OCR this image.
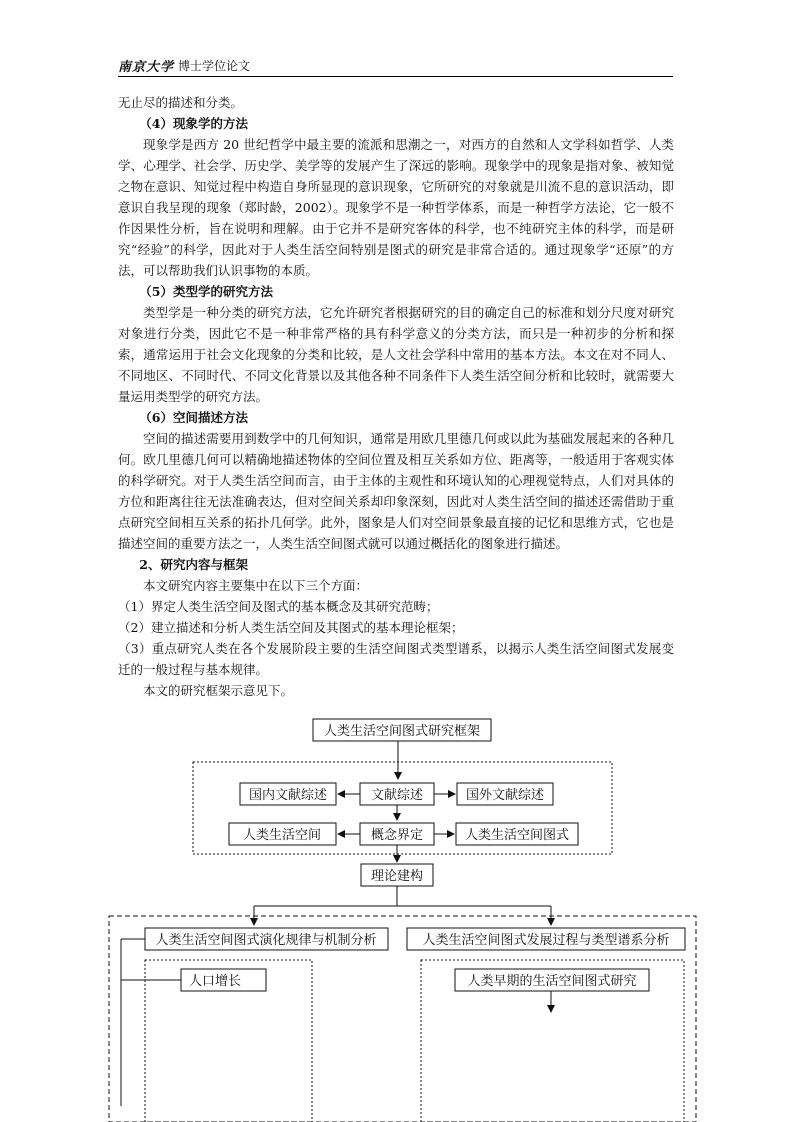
南京大学 博士学位论文

无止尽的描述和分类。

（4）现象学的方法

现象学是西方 20 世纪哲学中最主要的流派和思潮之一，对西方的自然和人文学科如哲学、人类学、心理学、社会学、历史学、美学等的发展产生了深远的影响。现象学中的现象是指对象、被知觉之物在意识、知觉过程中构造自身所显现的意识现象，它所研究的对象就是川流不息的意识活动，即意识自我呈现的现象（郑时龄，2002）。现象学不是一种哲学体系，而是一种哲学方法论，它一般不作因果性分析，旨在说明和理解。由于它并不是研究客体的科学，也不纯研究主体的科学，而是研究“经验”的科学，因此对于人类生活空间特别是图式的研究是非常合适的。通过现象学“还原”的方法，可以帮助我们认识事物的本质。

（5）类型学的研究方法

类型学是一种分类的研究方法，它允许研究者根据研究的目的确定自己的标准和划分尺度对研究对象进行分类，因此它不是一种非常严格的具有科学意义的分类方法，而只是一种初步的分析和探索，通常运用于社会文化现象的分类和比较，是人文社会学科中常用的基本方法。本文在对不同人、不同地区、不同时代、不同文化背景以及其他各种不同条件下人类生活空间分析和比较时，就需要大量运用类型学的研究方法。

（6）空间描述方法

空间的描述需要用到数学中的几何知识，通常是用欧几里德几何或以此为基础发展起来的各种几何。欧几里德几何可以精确地描述物体的空间位置及相互关系如方位、距离等，一般适用于客观实体的科学研究。对于人类生活空间而言，由于主体的主观性和环境认知的心理视觉特点，人们对具体的方位和距离往往无法准确表达，但对空间关系却印象深刻，因此对人类生活空间的描述还需借助于重点研究空间相互关系的拓扑几何学。此外，图象是人们对空间景象最直接的记忆和思维方式，它也是描述空间的重要方法之一，人类生活空间图式就可以通过概括化的图象进行描述。

2、研究内容与框架

本文研究内容主要集中在以下三个方面：

（1）界定人类生活空间及图式的基本概念及其研究范畴；

（2）建立描述和分析人类生活空间及其图式的基本理论框架；

（3）重点研究人类在各个发展阶段主要的生活空间图式类型谱系，以揭示人类生活空间图式发展变迁的一般过程与基本规律。

本文的研究框架示意见下。

人类生活空间图式研究框架
国内文献综述	文献综述	国外文献综述
人类生活空间	概念界定	人类生活空间图式
理论建构
人类生活空间图式演化规律与机制分析	人类生活空间图式发展过程与类型谱系分析
人口增长	人类早期的生活空间图式研究
